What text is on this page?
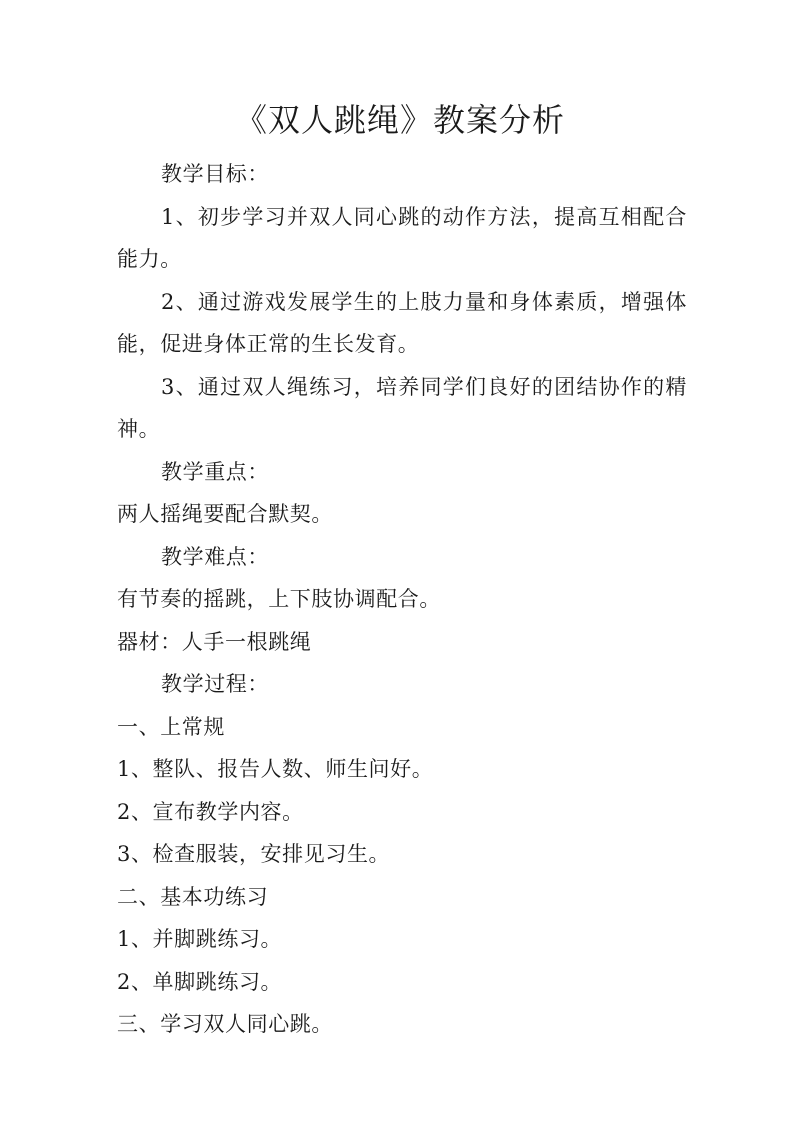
《双人跳绳》教案分析

教学目标：

1、初步学习并双人同心跳的动作方法，提高互相配合能力。

2、通过游戏发展学生的上肢力量和身体素质，增强体能，促进身体正常的生长发育。

3、通过双人绳练习，培养同学们良好的团结协作的精神。

教学重点：

两人摇绳要配合默契。

教学难点：

有节奏的摇跳，上下肢协调配合。

器材：人手一根跳绳

教学过程：

一、上常规

1、整队、报告人数、师生问好。

2、宣布教学内容。

3、检查服装，安排见习生。

二、基本功练习

1、并脚跳练习。

2、单脚跳练习。

三、学习双人同心跳。
